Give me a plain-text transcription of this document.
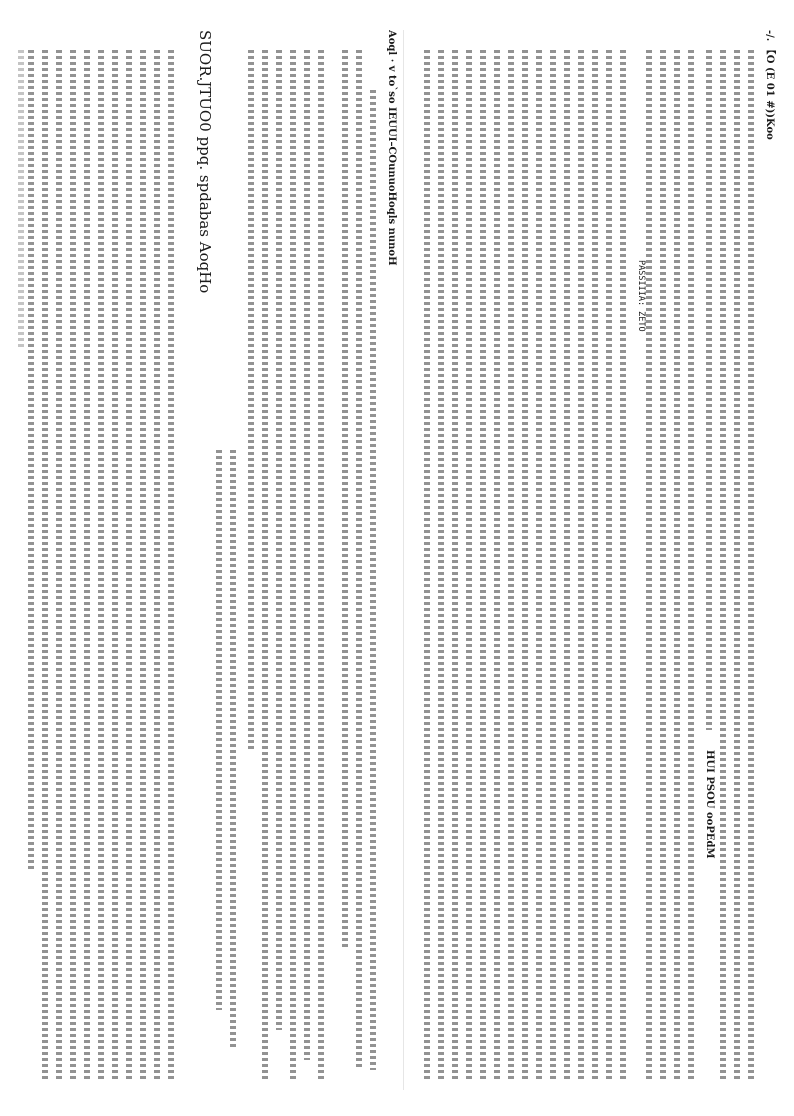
Aoql · v to`so IEUUI–COunuoHoqls nunoH
SUOR.JTUO0 ppq. spdabas AoqHo	-/. 【O (E 01 #))Koo
PASSIIIA: ZETO
HUI PSOU ooPEdM
